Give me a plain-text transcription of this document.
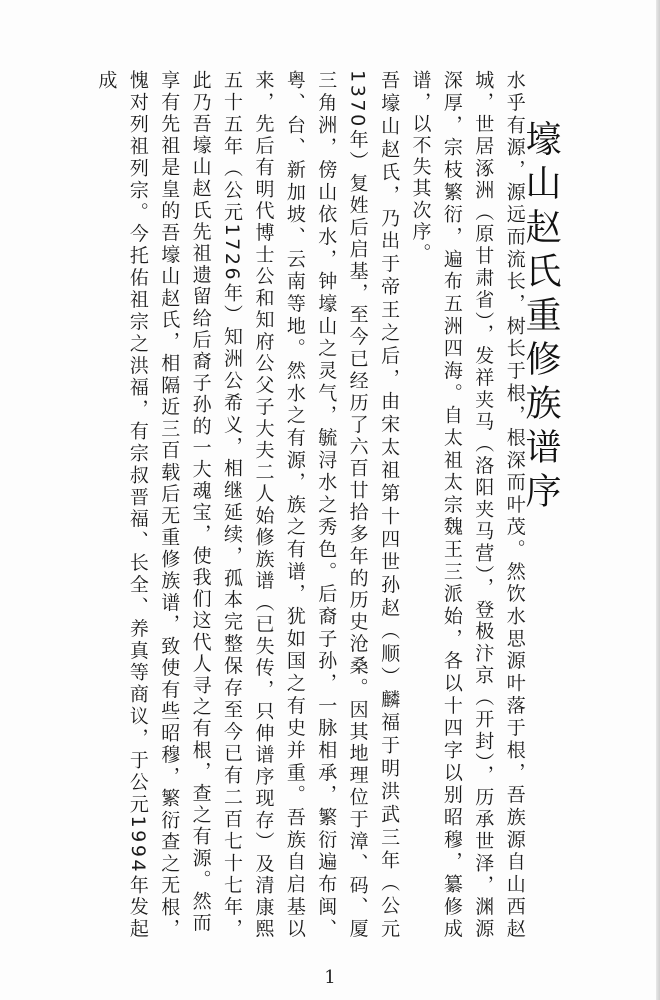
壕山赵氏重修族谱序

水乎有源，源远而流长，树长于根，根深而叶茂。然饮水思源叶落于根，吾族源自山西赵城，世居涿洲（原甘肃省），发祥夹马（洛阳夹马营），登极汴京（开封），历承世泽，渊源深厚，宗枝繁衍，遍布五洲四海。自太祖太宗魏王三派始，各以十四字以别昭穆，纂修成谱，以不失其次序。

吾壕山赵氏，乃出于帝王之后，由宋太祖第十四世孙赵（顺）麟福于明洪武三年（公元1370年）复姓后启基，至今已经历了六百廿拾多年的历史沧桑。因其地理位于漳、码、厦三角洲，傍山依水，钟壕山之灵气，毓浔水之秀色。后裔子孙，一脉相承，繁衍遍布闽、粤、台、新加坡、云南等地。然水之有源，族之有谱，犹如国之有史并重。吾族自启基以来，先后有明代博士公和知府公父子大夫二人始修族谱（已失传，只伸谱序现存）及清康熙五十五年（公元1726年）知洲公希义，相继延续，孤本完整保存至今已有二百七十七年，此乃吾壕山赵氏先祖遗留给后裔子孙的一大魂宝，使我们这代人寻之有根，查之有源。然而

享有先祖是皇的吾壕山赵氏，相隔近三百载后无重修族谱，致使有些昭穆，繁衍查之无根，愧对列祖列宗。今托佑祖宗之洪福，有宗叔晋福、长全、养真等商议，于公元1994年发起成

1
